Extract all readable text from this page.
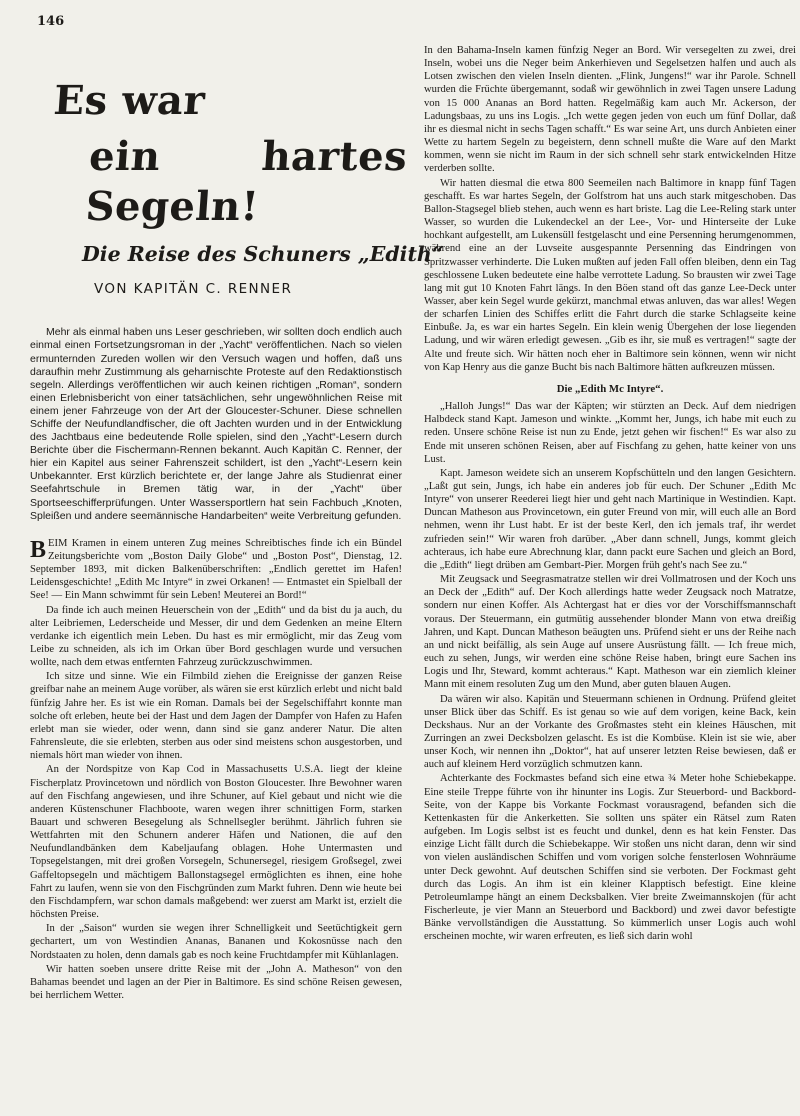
146
Es war
ein hartes Segeln!
Die Reise des Schuners „Edith“
VON KAPITÄN C. RENNER

Mehr als einmal haben uns Leser geschrieben, wir sollten doch endlich auch einmal einen Fortsetzungsroman in der „Yacht“ veröffentlichen. Nach so vielen ermunternden Zureden wollen wir den Versuch wagen und hoffen, daß uns daraufhin mehr Zustimmung als geharnischte Proteste auf den Redaktionstisch segeln. Allerdings veröffentlichen wir auch keinen richtigen „Roman“, sondern einen Erlebnisbericht von einer tatsächlichen, sehr ungewöhnlichen Reise mit einem jener Fahrzeuge von der Art der Gloucester-Schuner. Diese schnellen Schiffe der Neufundlandfischer, die oft Jachten wurden und in der Entwicklung des Jachtbaus eine bedeutende Rolle spielen, sind den „Yacht“-Lesern durch Berichte über die Fischermann-Rennen bekannt. Auch Kapitän C. Renner, der hier ein Kapitel aus seiner Fahrenszeit schildert, ist den „Yacht“-Lesern kein Unbekannter. Erst kürzlich berichtete er, der lange Jahre als Studienrat einer Seefahrtschule in Bremen tätig war, in der „Yacht“ über Sportseeschifferprüfungen. Unter Wassersportlern hat sein Fachbuch „Knoten, Spleißen und andere seemännische Handarbeiten“ weite Verbreitung gefunden.

BEIM Kramen in einem unteren Zug meines Schreibtisches finde ich ein Bündel Zeitungsberichte vom „Boston Daily Globe“ und „Boston Post“, Dienstag, 12. September 1893, mit dicken Balkenüberschriften: „Endlich gerettet im Hafen! Leidensgeschichte! „Edith Mc Intyre“ in zwei Orkanen! — Entmastet ein Spielball der See! — Ein Mann schwimmt für sein Leben! Meuterei an Bord!“

Da finde ich auch meinen Heuerschein von der „Edith“ und da bist du ja auch, du alter Leibriemen, Lederscheide und Messer, dir und dem Gedenken an meine Eltern verdanke ich eigentlich mein Leben. Du hast es mir ermöglicht, mir das Zeug vom Leibe zu schneiden, als ich im Orkan über Bord geschlagen wurde und versuchen wollte, nach dem etwas entfernten Fahrzeug zurückzuschwimmen.

Ich sitze und sinne. Wie ein Filmbild ziehen die Ereignisse der ganzen Reise greifbar nahe an meinem Auge vorüber, als wären sie erst kürzlich erlebt und nicht bald fünfzig Jahre her. Es ist wie ein Roman. Damals bei der Segelschiffahrt konnte man solche oft erleben, heute bei der Hast und dem Jagen der Dampfer von Hafen zu Hafen erlebt man sie wieder, oder wenn, dann sind sie ganz anderer Natur. Die alten Fahrensleute, die sie erlebten, sterben aus oder sind meistens schon ausgestorben, und niemals hört man wieder von ihnen.

An der Nordspitze von Kap Cod in Massachusetts U.S.A. liegt der kleine Fischerplatz Provincetown und nördlich von Boston Gloucester. Ihre Bewohner waren auf den Fischfang angewiesen, und ihre Schuner, auf Kiel gebaut und nicht wie die anderen Küstenschuner Flachboote, waren wegen ihrer schnittigen Form, starken Bauart und schweren Besegelung als Schnellsegler berühmt. Jährlich fuhren sie Wettfahrten mit den Schunern anderer Häfen und Nationen, die auf den Neufundlandbänken dem Kabeljaufang oblagen. Hohe Untermasten und Topsegelstangen, mit drei großen Vorsegeln, Schunersegel, riesigem Großsegel, zwei Gaffeltopsegeln und mächtigem Ballonstagsegel ermöglichten es ihnen, eine hohe Fahrt zu laufen, wenn sie von den Fischgründen zum Markt fuhren. Denn wie heute bei den Fischdampfern, war schon damals maßgebend: wer zuerst am Markt ist, erzielt die höchsten Preise.

In der „Saison“ wurden sie wegen ihrer Schnelligkeit und Seetüchtigkeit gern gechartert, um von Westindien Ananas, Bananen und Kokosnüsse nach den Nordstaaten zu holen, denn damals gab es noch keine Fruchtdampfer mit Kühlanlagen.

Wir hatten soeben unsere dritte Reise mit der „John A. Matheson“ von den Bahamas beendet und lagen an der Pier in Baltimore. Es sind schöne Reisen gewesen, bei herrlichem Wetter.

In den Bahama-Inseln kamen fünfzig Neger an Bord. Wir versegelten zu zwei, drei Inseln, wobei uns die Neger beim Ankerhieven und Segelsetzen halfen und auch als Lotsen zwischen den vielen Inseln dienten. „Flink, Jungens!“ war ihr Parole. Schnell wurden die Früchte übergemannt, sodaß wir gewöhnlich in zwei Tagen unsere Ladung von 15 000 Ananas an Bord hatten. Regelmäßig kam auch Mr. Ackerson, der Ladungsbaas, zu uns ins Logis. „Ich wette gegen jeden von euch um fünf Dollar, daß ihr es diesmal nicht in sechs Tagen schafft.“ Es war seine Art, uns durch Anbieten einer Wette zu hartem Segeln zu begeistern, denn schnell mußte die Ware auf den Markt kommen, wenn sie nicht im Raum in der sich schnell sehr stark entwickelnden Hitze verderben sollte.

Wir hatten diesmal die etwa 800 Seemeilen nach Baltimore in knapp fünf Tagen geschafft. Es war hartes Segeln, der Golfstrom hat uns auch stark mitgeschoben. Das Ballon-Stagsegel blieb stehen, auch wenn es hart briste. Lag die Lee-Reling stark unter Wasser, so wurden die Lukendeckel an der Lee-, Vor- und Hinterseite der Luke hochkant aufgestellt, am Lukensüll festgelascht und eine Persenning herumgenommen, während eine an der Luvseite ausgespannte Persenning das Eindringen von Spritzwasser verhinderte. Die Luken mußten auf jeden Fall offen bleiben, denn ein Tag geschlossene Luken bedeutete eine halbe verrottete Ladung. So brausten wir zwei Tage lang mit gut 10 Knoten Fahrt längs. In den Böen stand oft das ganze Lee-Deck unter Wasser, aber kein Segel wurde gekürzt, manchmal etwas anluven, das war alles! Wegen der scharfen Linien des Schiffes erlitt die Fahrt durch die starke Schlagseite keine Einbuße. Ja, es war ein hartes Segeln. Ein klein wenig Übergehen der lose liegenden Ladung, und wir wären erledigt gewesen. „Gib es ihr, sie muß es vertragen!“ sagte der Alte und freute sich. Wir hätten noch eher in Baltimore sein können, wenn wir nicht von Kap Henry aus die ganze Bucht bis nach Baltimore hätten aufkreuzen müssen.

Die „Edith Mc Intyre“.

„Halloh Jungs!“ Das war der Käpten; wir stürzten an Deck. Auf dem niedrigen Halbdeck stand Kapt. Jameson und winkte. „Kommt her, Jungs, ich habe mit euch zu reden. Unsere schöne Reise ist nun zu Ende, jetzt gehen wir fischen!“ Es war also zu Ende mit unseren schönen Reisen, aber auf Fischfang zu gehen, hatte keiner von uns Lust.

Kapt. Jameson weidete sich an unserem Kopfschütteln und den langen Gesichtern. „Laßt gut sein, Jungs, ich habe ein anderes job für euch. Der Schuner „Edith Mc Intyre“ von unserer Reederei liegt hier und geht nach Martinique in Westindien. Kapt. Duncan Matheson aus Provincetown, ein guter Freund von mir, will euch alle an Bord nehmen, wenn ihr Lust habt. Er ist der beste Kerl, den ich jemals traf, ihr werdet zufrieden sein!“ Wir waren froh darüber. „Aber dann schnell, Jungs, kommt gleich achteraus, ich habe eure Abrechnung klar, dann packt eure Sachen und gleich an Bord, die „Edith“ liegt drüben am Gembart-Pier. Morgen früh geht's nach See zu.“

Mit Zeugsack und Seegrasmatratze stellen wir drei Vollmatrosen und der Koch uns an Deck der „Edith“ auf. Der Koch allerdings hatte weder Zeugsack noch Matratze, sondern nur einen Koffer. Als Achtergast hat er dies vor der Vorschiffsmannschaft voraus. Der Steuermann, ein gutmütig aussehender blonder Mann von etwa dreißig Jahren, und Kapt. Duncan Matheson beäugten uns. Prüfend sieht er uns der Reihe nach an und nickt beifällig, als sein Auge auf unsere Ausrüstung fällt. — Ich freue mich, euch zu sehen, Jungs, wir werden eine schöne Reise haben, bringt eure Sachen ins Logis und Ihr, Steward, kommt achteraus.“ Kapt. Matheson war ein ziemlich kleiner Mann mit einem resoluten Zug um den Mund, aber guten blauen Augen.

Da wären wir also. Kapitän und Steuermann schienen in Ordnung. Prüfend gleitet unser Blick über das Schiff. Es ist genau so wie auf dem vorigen, keine Back, kein Deckshaus. Nur an der Vorkante des Großmastes steht ein kleines Häuschen, mit Zurringen an zwei Decksbolzen gelascht. Es ist die Kombüse. Klein ist sie wie, aber unser Koch, wir nennen ihn „Doktor“, hat auf unserer letzten Reise bewiesen, daß er auch auf kleinem Herd vorzüglich schmutzen kann.

Achterkante des Fockmastes befand sich eine etwa ¾ Meter hohe Schiebekappe. Eine steile Treppe führte von ihr hinunter ins Logis. Zur Steuerbord- und Backbord-Seite, von der Kappe bis Vorkante Fockmast vorausragend, befanden sich die Kettenkasten für die Ankerketten. Sie sollten uns später ein Rätsel zum Raten aufgeben. Im Logis selbst ist es feucht und dunkel, denn es hat kein Fenster. Das einzige Licht fällt durch die Schiebekappe. Wir stoßen uns nicht daran, denn wir sind von vielen ausländischen Schiffen und vom vorigen solche fensterlosen Wohnräume unter Deck gewohnt. Auf deutschen Schiffen sind sie verboten. Der Fockmast geht durch das Logis. An ihm ist ein kleiner Klapptisch befestigt. Eine kleine Petroleumlampe hängt an einem Decksbalken. Vier breite Zweimannskojen (für acht Fischerleute, je vier Mann an Steuerbord und Backbord) und zwei davor befestigte Bänke vervollständigen die Ausstattung. So kümmerlich unser Logis auch wohl erscheinen mochte, wir waren erfreuten, es ließ sich darin wohl
